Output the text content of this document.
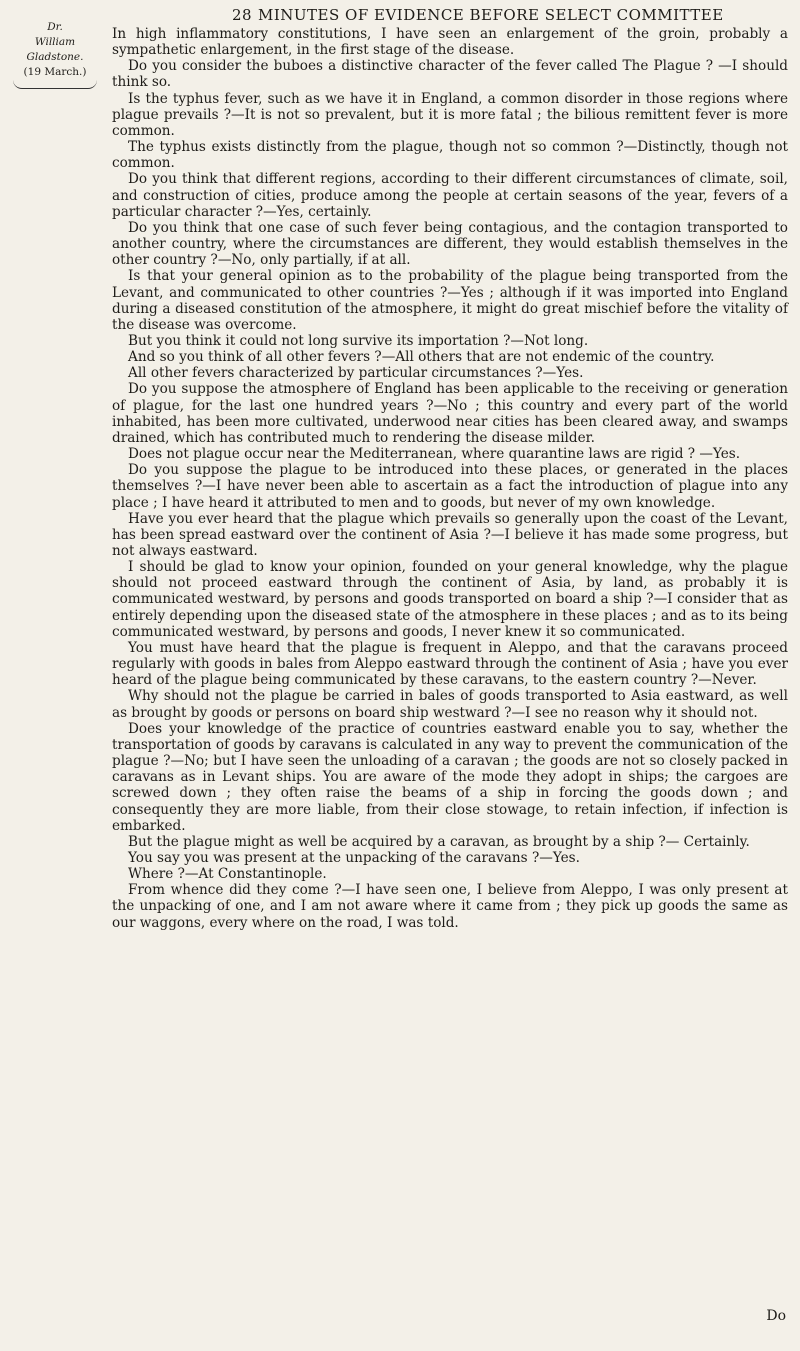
28 MINUTES OF EVIDENCE BEFORE SELECT COMMITTEE
Dr.
William Gladstone.
(19 March.)

In high inflammatory constitutions, I have seen an enlargement of the groin, probably a sympathetic enlargement, in the first stage of the disease.

Do you consider the buboes a distinctive character of the fever called The Plague ? —I should think so.

Is the typhus fever, such as we have it in England, a common disorder in those regions where plague prevails ?—It is not so prevalent, but it is more fatal ; the bilious remittent fever is more common.

The typhus exists distinctly from the plague, though not so common ?—Distinctly, though not common.

Do you think that different regions, according to their different circumstances of climate, soil, and construction of cities, produce among the people at certain seasons of the year, fevers of a particular character ?—Yes, certainly.

Do you think that one case of such fever being contagious, and the contagion transported to another country, where the circumstances are different, they would establish themselves in the other country ?—No, only partially, if at all.

Is that your general opinion as to the probability of the plague being transported from the Levant, and communicated to other countries ?—Yes ; although if it was imported into England during a diseased constitution of the atmosphere, it might do great mischief before the vitality of the disease was overcome.

But you think it could not long survive its importation ?—Not long.

And so you think of all other fevers ?—All others that are not endemic of the country.

All other fevers characterized by particular circumstances ?—Yes.

Do you suppose the atmosphere of England has been applicable to the receiving or generation of plague, for the last one hundred years ?—No ; this country and every part of the world inhabited, has been more cultivated, underwood near cities has been cleared away, and swamps drained, which has contributed much to rendering the disease milder.

Does not plague occur near the Mediterranean, where quarantine laws are rigid ? —Yes.

Do you suppose the plague to be introduced into these places, or generated in the places themselves ?—I have never been able to ascertain as a fact the introduction of plague into any place ; I have heard it attributed to men and to goods, but never of my own knowledge.

Have you ever heard that the plague which prevails so generally upon the coast of the Levant, has been spread eastward over the continent of Asia ?—I believe it has made some progress, but not always eastward.

I should be glad to know your opinion, founded on your general knowledge, why the plague should not proceed eastward through the continent of Asia, by land, as probably it is communicated westward, by persons and goods transported on board a ship ?—I consider that as entirely depending upon the diseased state of the atmosphere in these places ; and as to its being communicated westward, by persons and goods, I never knew it so communicated.

You must have heard that the plague is frequent in Aleppo, and that the caravans proceed regularly with goods in bales from Aleppo eastward through the continent of Asia ; have you ever heard of the plague being communicated by these caravans, to the eastern country ?—Never.

Why should not the plague be carried in bales of goods transported to Asia eastward, as well as brought by goods or persons on board ship westward ?—I see no reason why it should not.

Does your knowledge of the practice of countries eastward enable you to say, whether the transportation of goods by caravans is calculated in any way to prevent the communication of the plague ?—No; but I have seen the unloading of a caravan ; the goods are not so closely packed in caravans as in Levant ships. You are aware of the mode they adopt in ships; the cargoes are screwed down ; they often raise the beams of a ship in forcing the goods down ; and consequently they are more liable, from their close stowage, to retain infection, if infection is embarked.

But the plague might as well be acquired by a caravan, as brought by a ship ?— Certainly.

You say you was present at the unpacking of the caravans ?—Yes.

Where ?—At Constantinople.

From whence did they come ?—I have seen one, I believe from Aleppo, I was only present at the unpacking of one, and I am not aware where it came from ; they pick up goods the same as our waggons, every where on the road, I was told.

Do
